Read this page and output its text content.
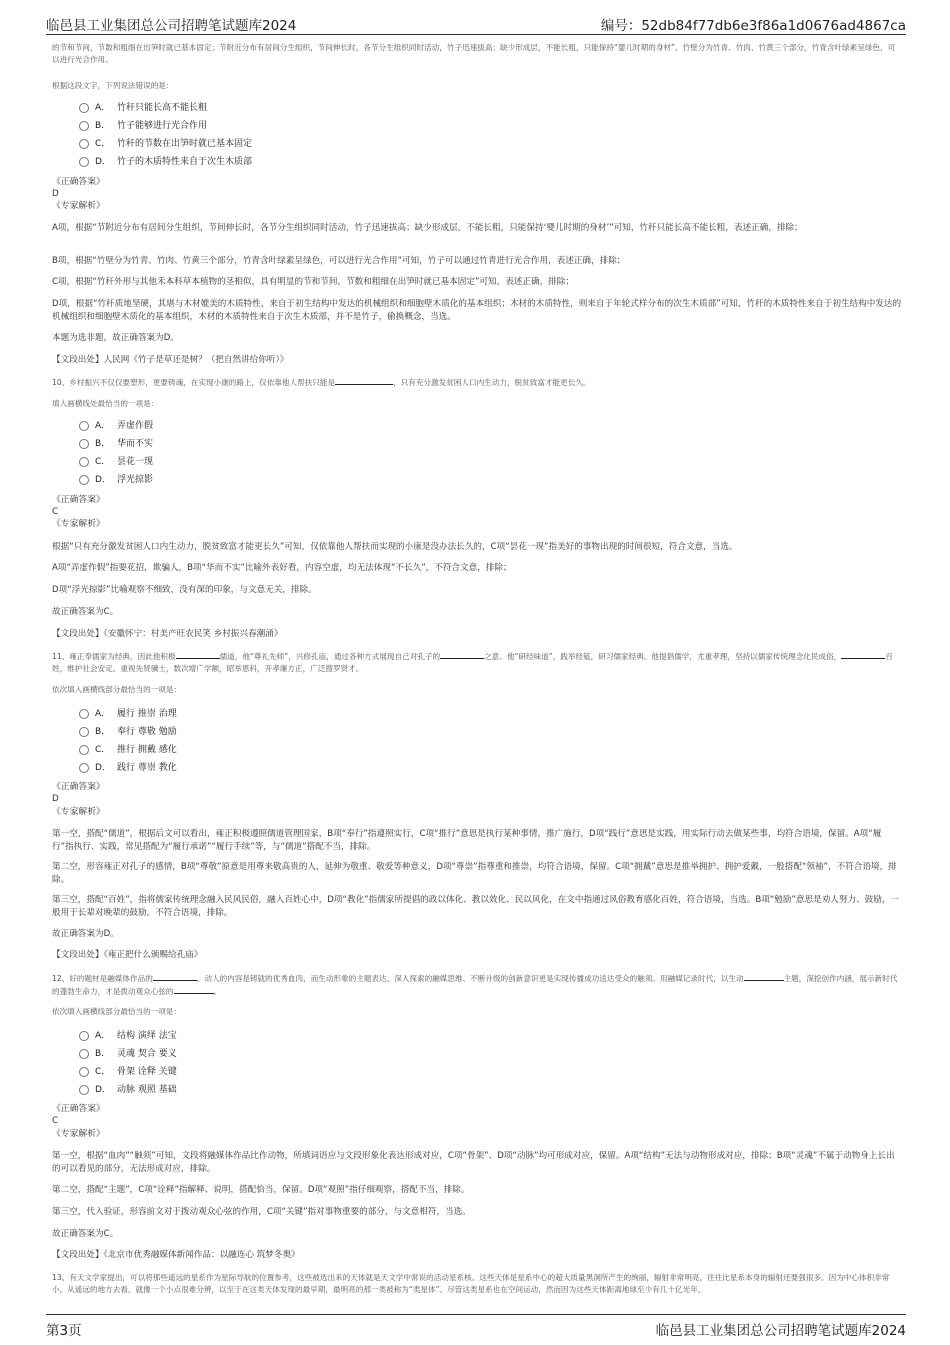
临邑县工业集团总公司招聘笔试题库2024	编号：52db84f77db6e3f86a1d0676ad4867ca

的节和节间，节数和粗细在出笋时就已基本固定；节附近分布有居间分生组织，节间伸长时，各节分生组织同时活动，竹子迅速拔高；缺少形成层，不能长粗，只能保持“婴儿时期的身材”。竹壁分为竹青、竹肉、竹黄三个部分，竹青含叶绿素呈绿色，可以进行光合作用。

根据这段文字，下列说法错误的是：

A． 竹秆只能长高不能长粗
B． 竹子能够进行光合作用
C． 竹秆的节数在出笋时就已基本固定
D． 竹子的木质特性来自于次生木质部

《正确答案》

D

《专家解析》

A项，根据“节附近分布有居间分生组织，节间伸长时，各节分生组织同时活动，竹子迅速拔高；缺少形成层，不能长粗，只能保持‘婴儿时期的身材’”可知，竹秆只能长高不能长粗，表述正确，排除；

B项，根据“竹壁分为竹青、竹肉、竹黄三个部分，竹青含叶绿素呈绿色，可以进行光合作用”可知，竹子可以通过竹青进行光合作用，表述正确，排除；

C项，根据“竹秆外形与其他禾本科草本植物的茎相似，具有明显的节和节间，节数和粗细在出笋时就已基本固定”可知，表述正确，排除；

D项，根据“竹秆质地坚硬，其堪与木材媲美的木质特性，来自于初生结构中发达的机械组织和细胞壁木质化的基本组织；木材的木质特性，则来自于年轮式样分布的次生木质部”可知，竹秆的木质特性来自于初生结构中发达的机械组织和细胞壁木质化的基本组织，木材的木质特性来自于次生木质部，并不是竹子，偷换概念，当选。

本题为选非题，故正确答案为D。

【文段出处】人民网《竹子是草还是树？（把自然讲给你听）》

10、乡村振兴不仅仅要塑形，更要铸魂，在实现小康的路上，仅依靠他人帮扶只能是	，只有充分激发贫困人口内生动力，脱贫致富才能更长久。

填入画横线处最恰当的一项是：

A． 弄虚作假
B． 华而不实
C． 昙花一现
D． 浮光掠影

《正确答案》

C

《专家解析》

根据“只有充分激发贫困人口内生动力，脱贫致富才能更长久”可知，仅依靠他人帮扶而实现的小康是没办法长久的，C项“昙花一现”指美好的事物出现的时间很短，符合文意，当选。

A项“弄虚作假”指要花招，欺骗人，B项“华而不实”比喻外表好看，内容空虚，均无法体现“不长久”，不符合文意，排除；

D项“浮光掠影”比喻观察不细致，没有深的印象，与文意无关，排除。

故正确答案为C。

【文段出处】《安徽怀宁：村美产旺农民笑 乡村振兴春潮涌》

11、雍正奉儒家为经典，因此他积极	儒道，他“尊礼先师”，兴修孔庙，通过各种方式展现自己对孔子的	之意。他“研经味道”，践举经筵，研习儒家经典。他提倡儒学，尤重孝理，坚持以儒家传统理念化民成俗，	百姓，维护社会安定。重视先贤骥士，数次增广学额，昭举恩科，开孝廉方正，广泛搜罗贤才。

依次填入画横线部分最恰当的一项是：

A． 履行 推崇 治理
B． 奉行 尊敬 勉励
C． 推行 拥戴 感化
D． 践行 尊崇 教化

《正确答案》

D

《专家解析》

第一空，搭配“儒道”，根据后文可以看出，雍正积极遵照儒道管理国家，B项“奉行”指遵照实行，C项“推行”意思是执行某种事情，推广施行，D项“践行”意思是实践，用实际行动去做某些事，均符合语境，保留。A项“履行”指执行、实践，常见搭配为“履行承诺”“履行手续”等，与“儒道”搭配不当，排除。

第二空，形容雍正对孔子的感情，B项“尊敬”原意是用尊来敬高贵的人，延伸为敬重、敬爱等种意义，D项“尊崇”指尊重和推崇，均符合语境，保留。C项“拥戴”意思是推举拥护、拥护爱戴，一般搭配“领袖”，不符合语境，排除。

第三空，搭配“百姓”，指将儒家传统理念融入民风民俗，融入百姓心中，D项“教化”指儒家所提倡的政以体化、教以效化、民以风化，在文中指通过风俗教育感化百姓，符合语境，当选。B项“勉励”意思是劝人努力、鼓励，一般用于长辈对晚辈的鼓励，不符合语境，排除。

故正确答案为D。

【文段出处】《雍正把什么颁赐给孔庙》

12、好的题材是融媒体作品的	，动人的内容是铸就的优秀血肉，而生动形象的主题表达、深入探索的融媒思维、不断升级的创新意识更是实现传播成功送达受众的触须。用融媒记录时代，以生动	主题，深挖创作内涵，展示新时代的蓬勃生命力，才是拨动观众心弦的	。

依次填入画横线部分最恰当的一项是：

A． 结构 演绎 法宝
B． 灵魂 契合 要义
C． 骨架 诠释 关键
D． 动脉 观照 基础

《正确答案》

C

《专家解析》

第一空，根据“血肉”“触须”可知，文段将融媒体作品比作动物，所填词语应与文段形象化表达形成对应，C项“骨架”、D项“动脉”均可形成对应，保留。A项“结构”无法与动物形成对应，排除；B项“灵魂”不属于动物身上长出的可以看见的部分，无法形成对应，排除。

第二空，搭配“主题”，C项“诠释”指解释、说明，搭配恰当，保留。D项“观照”指仔细观察，搭配不当，排除。

第三空，代入验证，形容前文对于拨动观众心弦的作用，C项“关键”指对事物重要的部分，与文意相符，当选。

故正确答案为C。

【文段出处】《北京市优秀融媒体新闻作品：以融连心 筑梦冬奥》

13、有天文学家提出，可以将那些遥远的星系作为星际导航的位置参考，这些被选出来的天体就是天文学中常说的活动星系核。这些天体是星系中心的超大质量黑洞所产生的绚丽，辐射非常明亮，往往比星系本身的辐射还要强很多。因为中心体积非常小，从遥远的地方去看，就像一个小点很难分辨，以至于在这类天体发现的最早期，最明亮的那一类被称为“类星体”。尽管这类星系也在空间运动，然而因为这些天体距离地球至少有几十亿光年，

第3页	临邑县工业集团总公司招聘笔试题库2024
